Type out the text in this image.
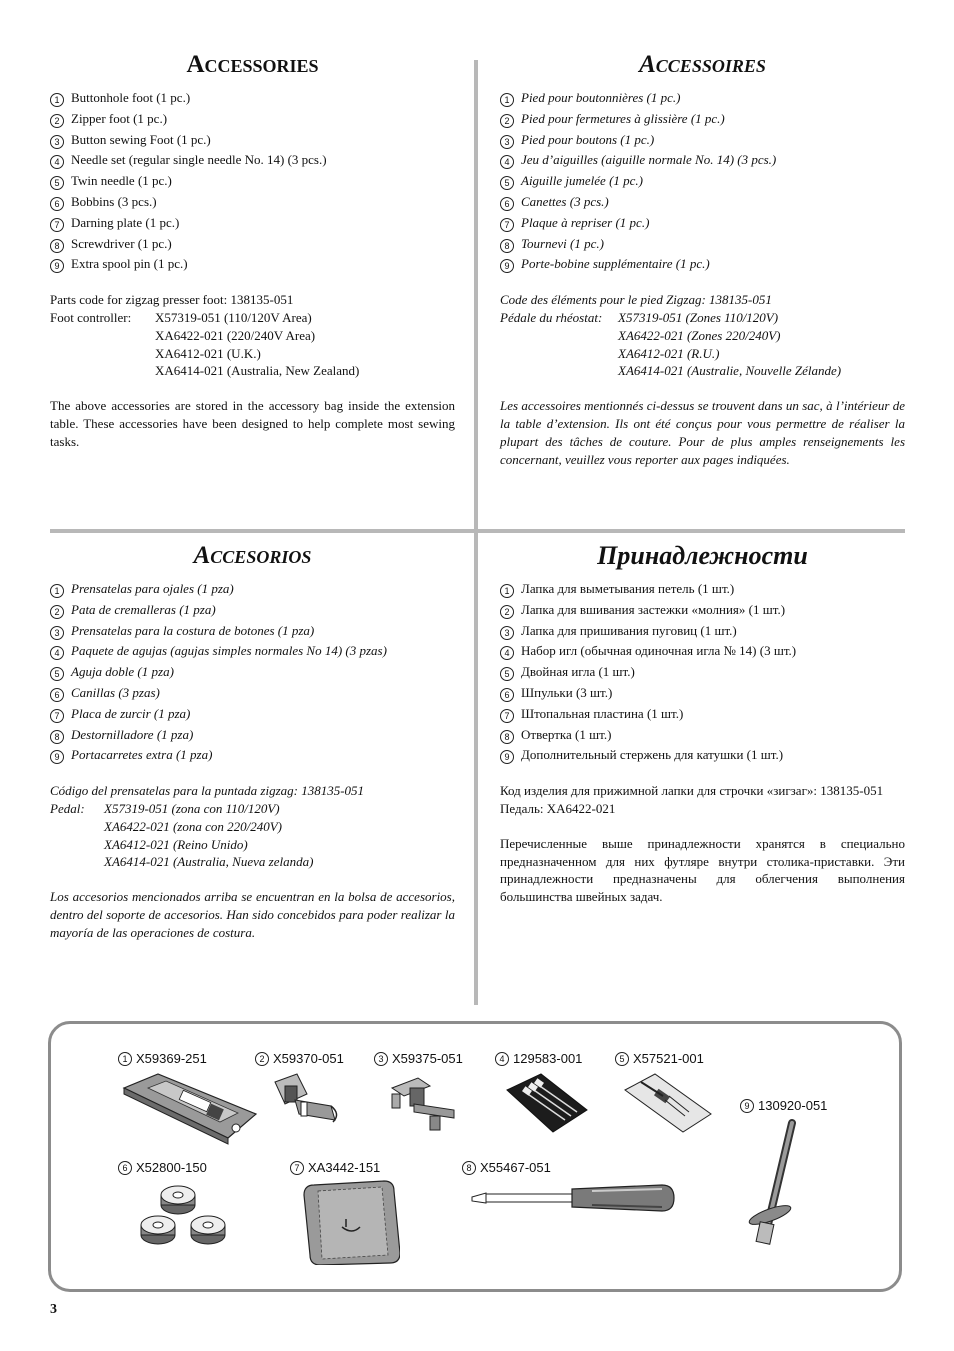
Accessories
1 Buttonhole foot (1 pc.)
2 Zipper foot (1 pc.)
3 Button sewing Foot (1 pc.)
4 Needle set (regular single needle No. 14) (3 pcs.)
5 Twin needle (1 pc.)
6 Bobbins (3 pcs.)
7 Darning plate (1 pc.)
8 Screwdriver (1 pc.)
9 Extra spool pin (1 pc.)
Parts code for zigzag presser foot: 138135-051
Foot controller:	X57319-051 (110/120V Area)
XA6422-021 (220/240V Area)
XA6412-021 (U.K.)
XA6414-021 (Australia, New Zealand)

The above accessories are stored in the accessory bag inside the extension table. These accessories have been designed to help complete most sewing tasks.

Accessoires
1 Pied pour boutonnières (1 pc.)
2 Pied pour fermetures à glissière (1 pc.)
3 Pied pour boutons (1 pc.)
4 Jeu d’aiguilles (aiguille normale No. 14) (3 pcs.)
5 Aiguille jumelée (1 pc.)
6 Canettes (3 pcs.)
7 Plaque à repriser (1 pc.)
8 Tournevi (1 pc.)
9 Porte-bobine supplémentaire (1 pc.)
Code des éléments pour le pied Zigzag: 138135-051
Pédale du rhéostat:	X57319-051 (Zones 110/120V)
XA6422-021 (Zones 220/240V)
XA6412-021 (R.U.)
XA6414-021 (Australie, Nouvelle Zélande)

Les accessoires mentionnés ci-dessus se trouvent dans un sac, à l’intérieur de la table d’extension. Ils ont été conçus pour vous permettre de réaliser la plupart des tâches de couture. Pour de plus amples renseignements les concernant, veuillez vous reporter aux pages indiquées.

Accesorios
1 Prensatelas para ojales (1 pza)
2 Pata de cremalleras (1 pza)
3 Prensatelas para la costura de botones (1 pza)
4 Paquete de agujas (agujas simples normales No 14) (3 pzas)
5 Aguja doble (1 pza)
6 Canillas (3 pzas)
7 Placa de zurcir (1 pza)
8 Destornilladore (1 pza)
9 Portacarretes extra (1 pza)
Código del prensatelas para la puntada zigzag: 138135-051
Pedal:	X57319-051 (zona con 110/120V)
XA6422-021 (zona con 220/240V)
XA6412-021 (Reino Unido)
XA6414-021 (Australia, Nueva zelanda)

Los accesorios mencionados arriba se encuentran en la bolsa de accesorios, dentro del soporte de accesorios. Han sido concebidos para poder realizar la mayoría de las operaciones de costura.

Принадлежности
1 Лапка для выметывания петель (1 шт.)
2 Лапка для вшивания застежки «молния» (1 шт.)
3 Лапка для пришивания пуговиц (1 шт.)
4 Набор игл (обычная одиночная игла № 14) (3 шт.)
5 Двойная игла (1 шт.)
6 Шпульки (3 шт.)
7 Штопальная пластина (1 шт.)
8 Отвертка (1 шт.)
9 Дополнительный стержень для катушки (1 шт.)
Код изделия для прижимной лапки для строчки «зигзаг»: 138135-051
Педаль: XA6422-021

Перечисленные выше принадлежности хранятся в специально предназначенном для них футляре внутри столика-приставки. Эти принадлежности предназначены для облегчения выполнения большинства швейных задач.

1 X59369-251	2 X59370-051	3 X59375-051	4 129583-001	5 X57521-001
9 130920-051
6 X52800-150	7 XA3442-151	8 X55467-051
3
